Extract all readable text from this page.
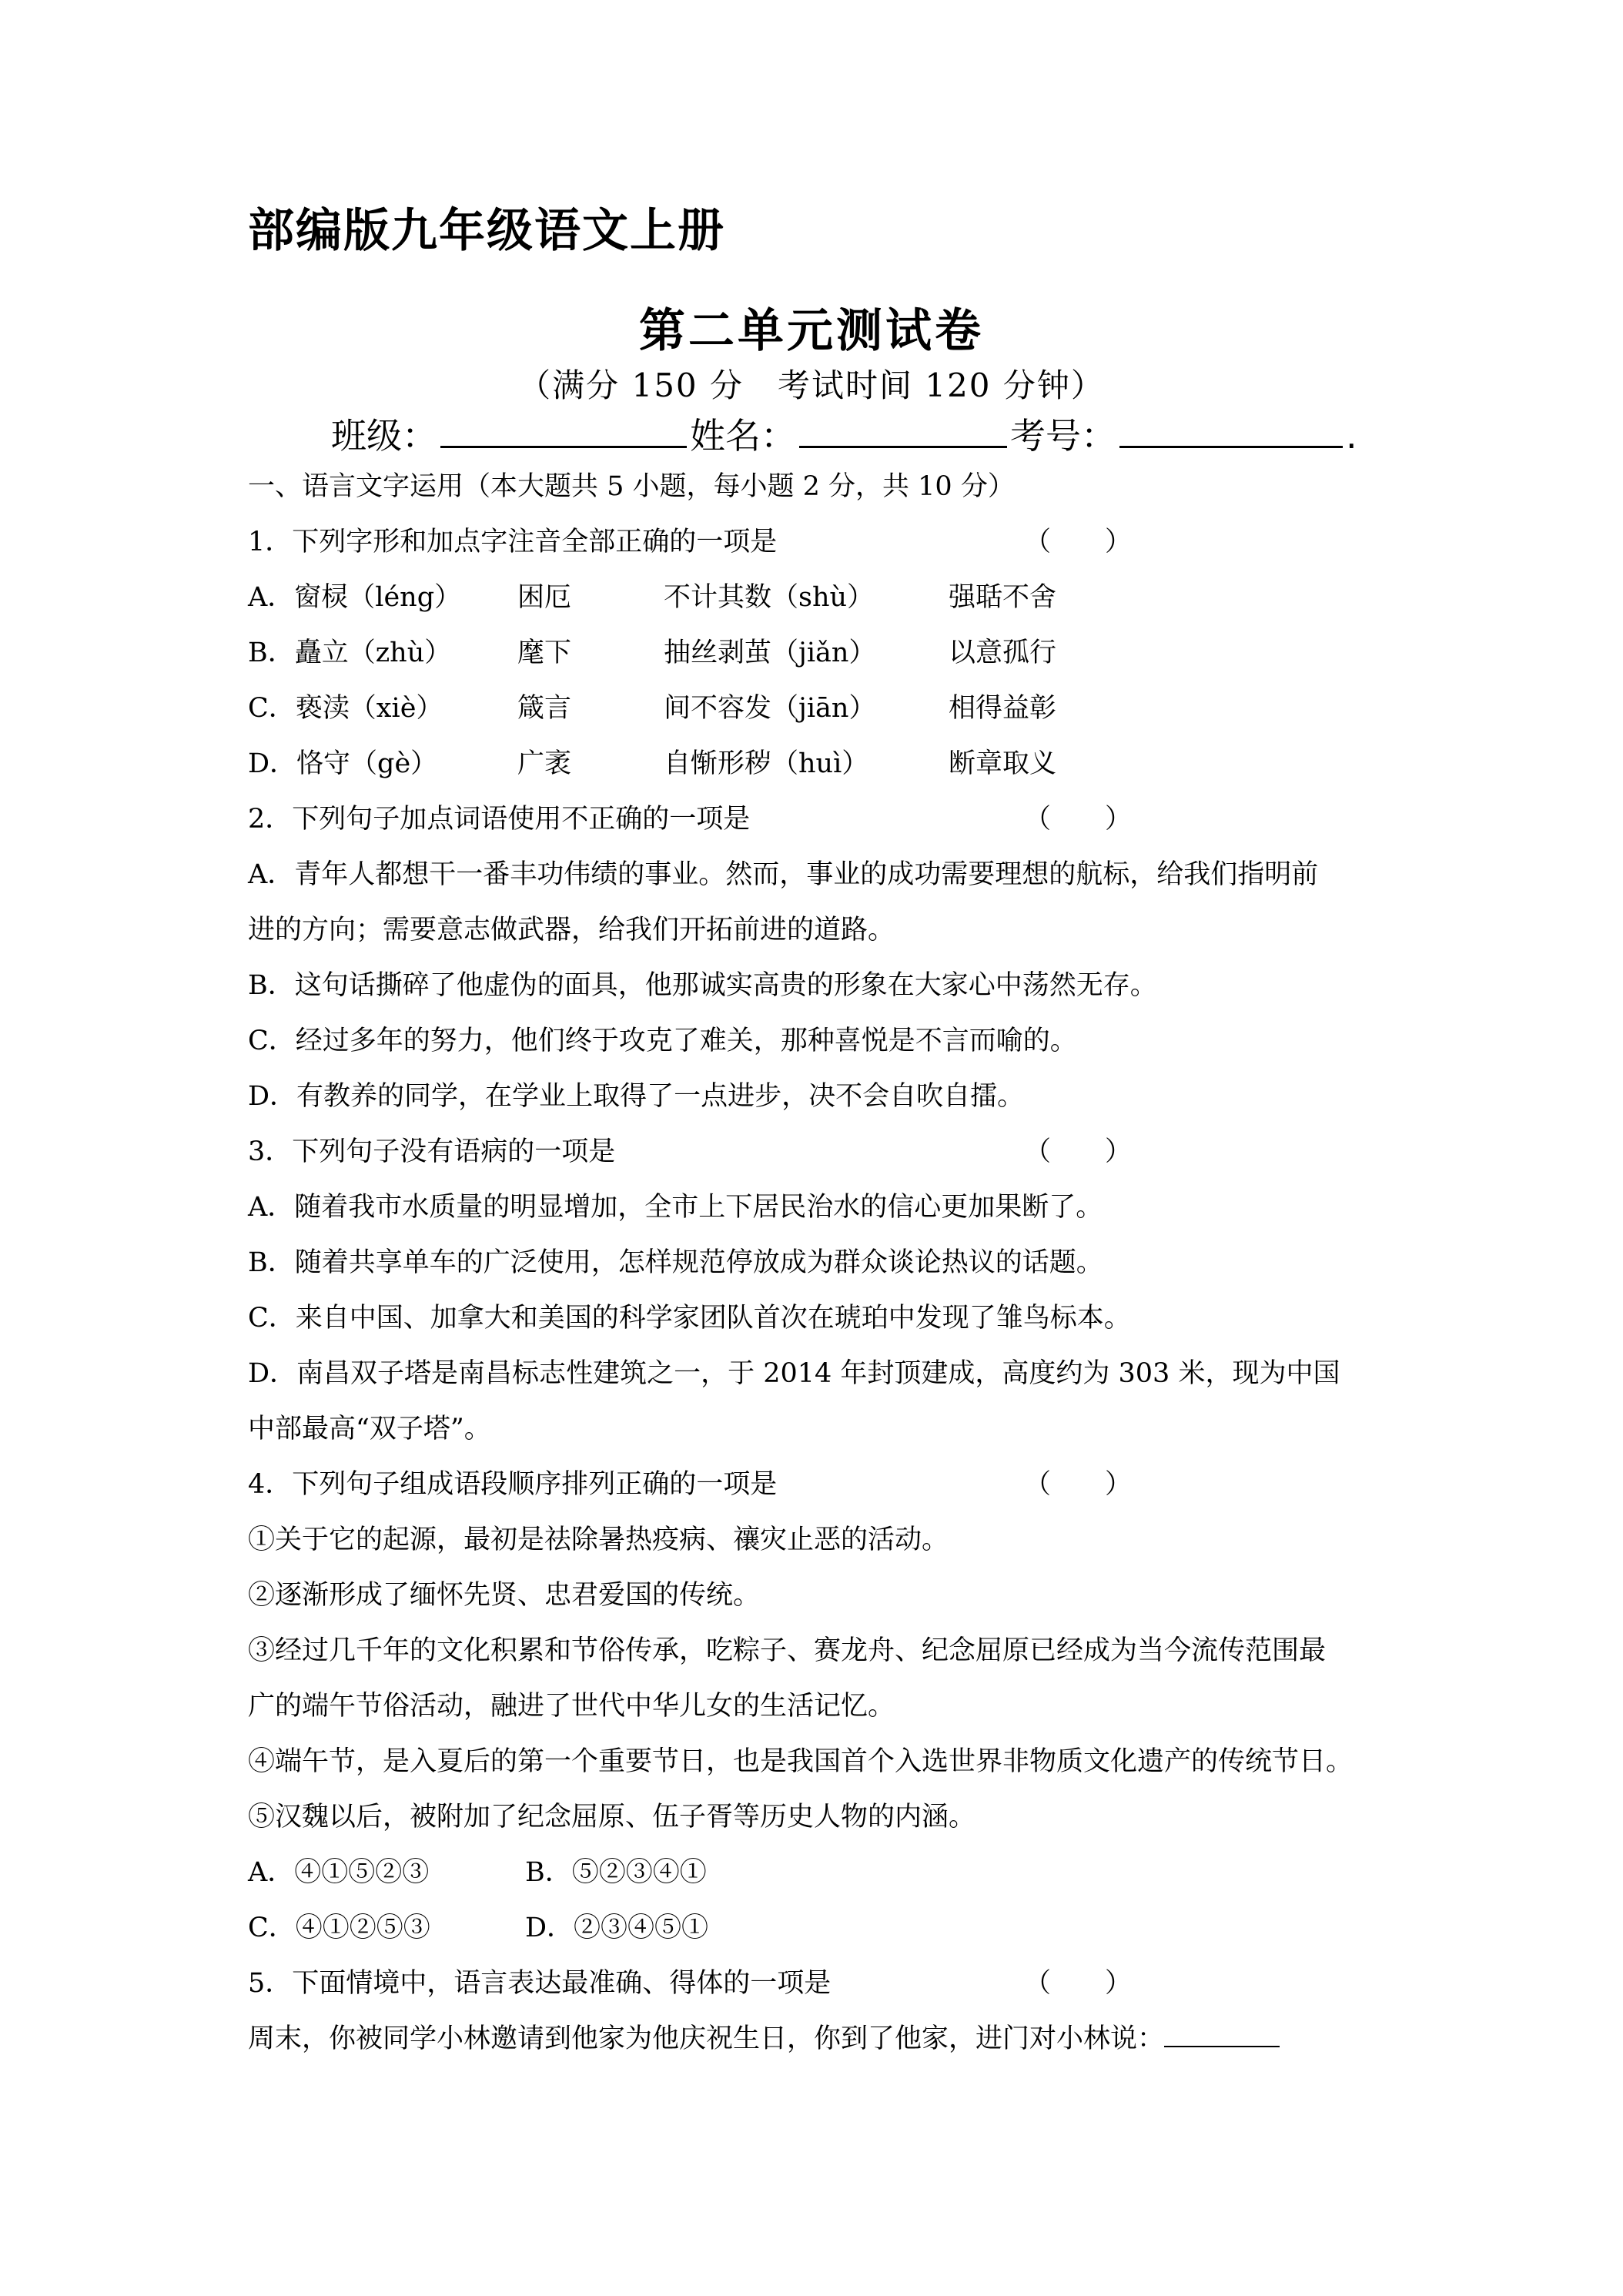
部编版九年级语文上册
第二单元测试卷
（满分 150 分　考试时间 120 分钟）
班级：	姓名：	考号：	.
一、语言文字运用（本大题共 5 小题，每小题 2 分，共 10 分）
1．下列字形和加点字注音全部正确的一项是	（　　）
A．窗棂（léng） 困厄	不计其数（shù）	强聒不舍
B．矗立（zhù） 麾下	抽丝剥茧（jiǎn）	以意孤行
C．亵渎（xiè）	箴言	间不容发（jiān）	相得益彰
D．恪守（gè）	广袤	自惭形秽（huì）	断章取义
2．下列句子加点词语使用不正确的一项是	（　　）
A．青年人都想干一番丰功伟绩的事业。然而，事业的成功需要理想的航标，给我们指明前
进的方向；需要意志做武器，给我们开拓前进的道路。
B．这句话撕碎了他虚伪的面具，他那诚实高贵的形象在大家心中荡然无存。
C．经过多年的努力，他们终于攻克了难关，那种喜悦是不言而喻的。
D．有教养的同学，在学业上取得了一点进步，决不会自吹自擂。
3．下列句子没有语病的一项是	（　　）
A．随着我市水质量的明显增加，全市上下居民治水的信心更加果断了。
B．随着共享单车的广泛使用，怎样规范停放成为群众谈论热议的话题。
C．来自中国、加拿大和美国的科学家团队首次在琥珀中发现了雏鸟标本。
D．南昌双子塔是南昌标志性建筑之一，于 2014 年封顶建成，高度约为 303 米，现为中国
中部最高“双子塔”。
4．下列句子组成语段顺序排列正确的一项是	（　　）
①关于它的起源，最初是祛除暑热疫病、禳灾止恶的活动。
②逐渐形成了缅怀先贤、忠君爱国的传统。
③经过几千年的文化积累和节俗传承，吃粽子、赛龙舟、纪念屈原已经成为当今流传范围最
广的端午节俗活动，融进了世代中华儿女的生活记忆。
④端午节，是入夏后的第一个重要节日，也是我国首个入选世界非物质文化遗产的传统节日。
⑤汉魏以后，被附加了纪念屈原、伍子胥等历史人物的内涵。
A．④①⑤②③	B．⑤②③④①
C．④①②⑤③	D．②③④⑤①
5．下面情境中，语言表达最准确、得体的一项是	（　　）
周末，你被同学小林邀请到他家为他庆祝生日，你到了他家，进门对小林说：
